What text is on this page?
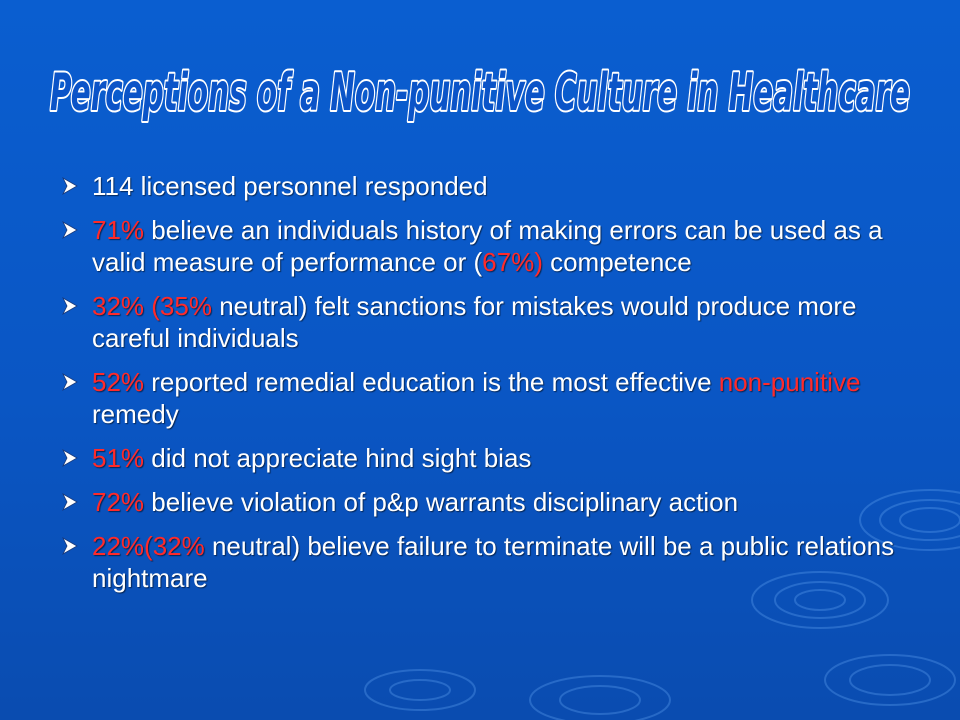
Perceptions of a Non-punitive Culture in Healthcare
114 licensed personnel responded
71% believe an individuals history of making errors can be used as a valid measure of performance or (67%) competence
32% (35% neutral) felt sanctions for mistakes would produce more careful individuals
52% reported remedial education is the most effective non-punitive remedy
51% did not appreciate hind sight bias
72% believe violation of p&p warrants disciplinary action
22%(32% neutral) believe failure to terminate will be a public relations nightmare
